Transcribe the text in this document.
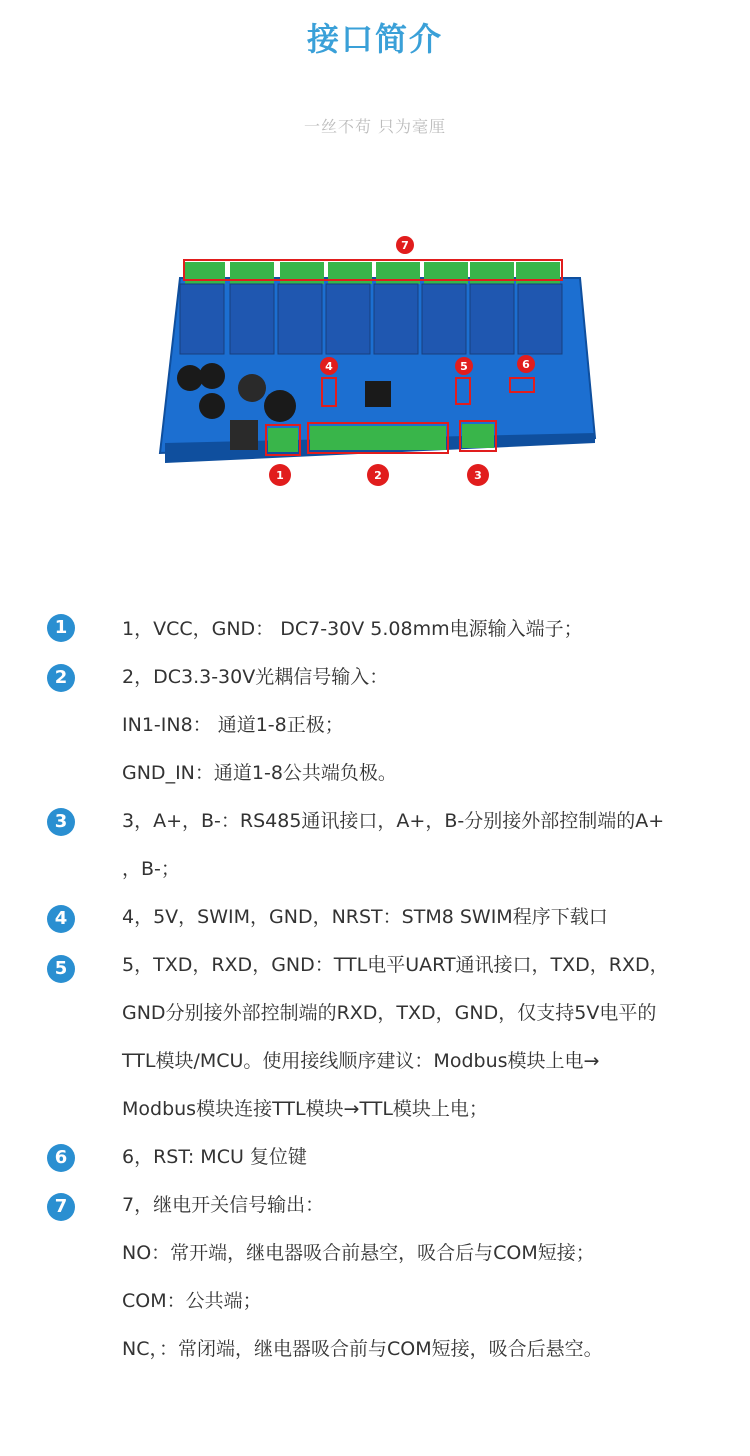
接口简介
一丝不苟 只为毫厘
7
1	2	3
4	5	6
1	1，VCC，GND： DC7-30V 5.08mm电源输入端子；
2	2，DC3.3-30V光耦信号输入：
IN1-IN8： 通道1-8正极；
GND_IN：通道1-8公共端负极。
3	3，A+，B-：RS485通讯接口，A+，B-分别接外部控制端的A+
，B-；
4	4，5V，SWIM，GND，NRST：STM8 SWIM程序下载口
5	5，TXD，RXD，GND：TTL电平UART通讯接口，TXD，RXD，
GND分别接外部控制端的RXD，TXD，GND，仅支持5V电平的
TTL模块/MCU。使用接线顺序建议：Modbus模块上电→
Modbus模块连接TTL模块→TTL模块上电；
6	6，RST: MCU 复位键
7	7，继电开关信号输出：
NO：常开端，继电器吸合前悬空，吸合后与COM短接；
COM：公共端；
NC，：常闭端，继电器吸合前与COM短接，吸合后悬空。
